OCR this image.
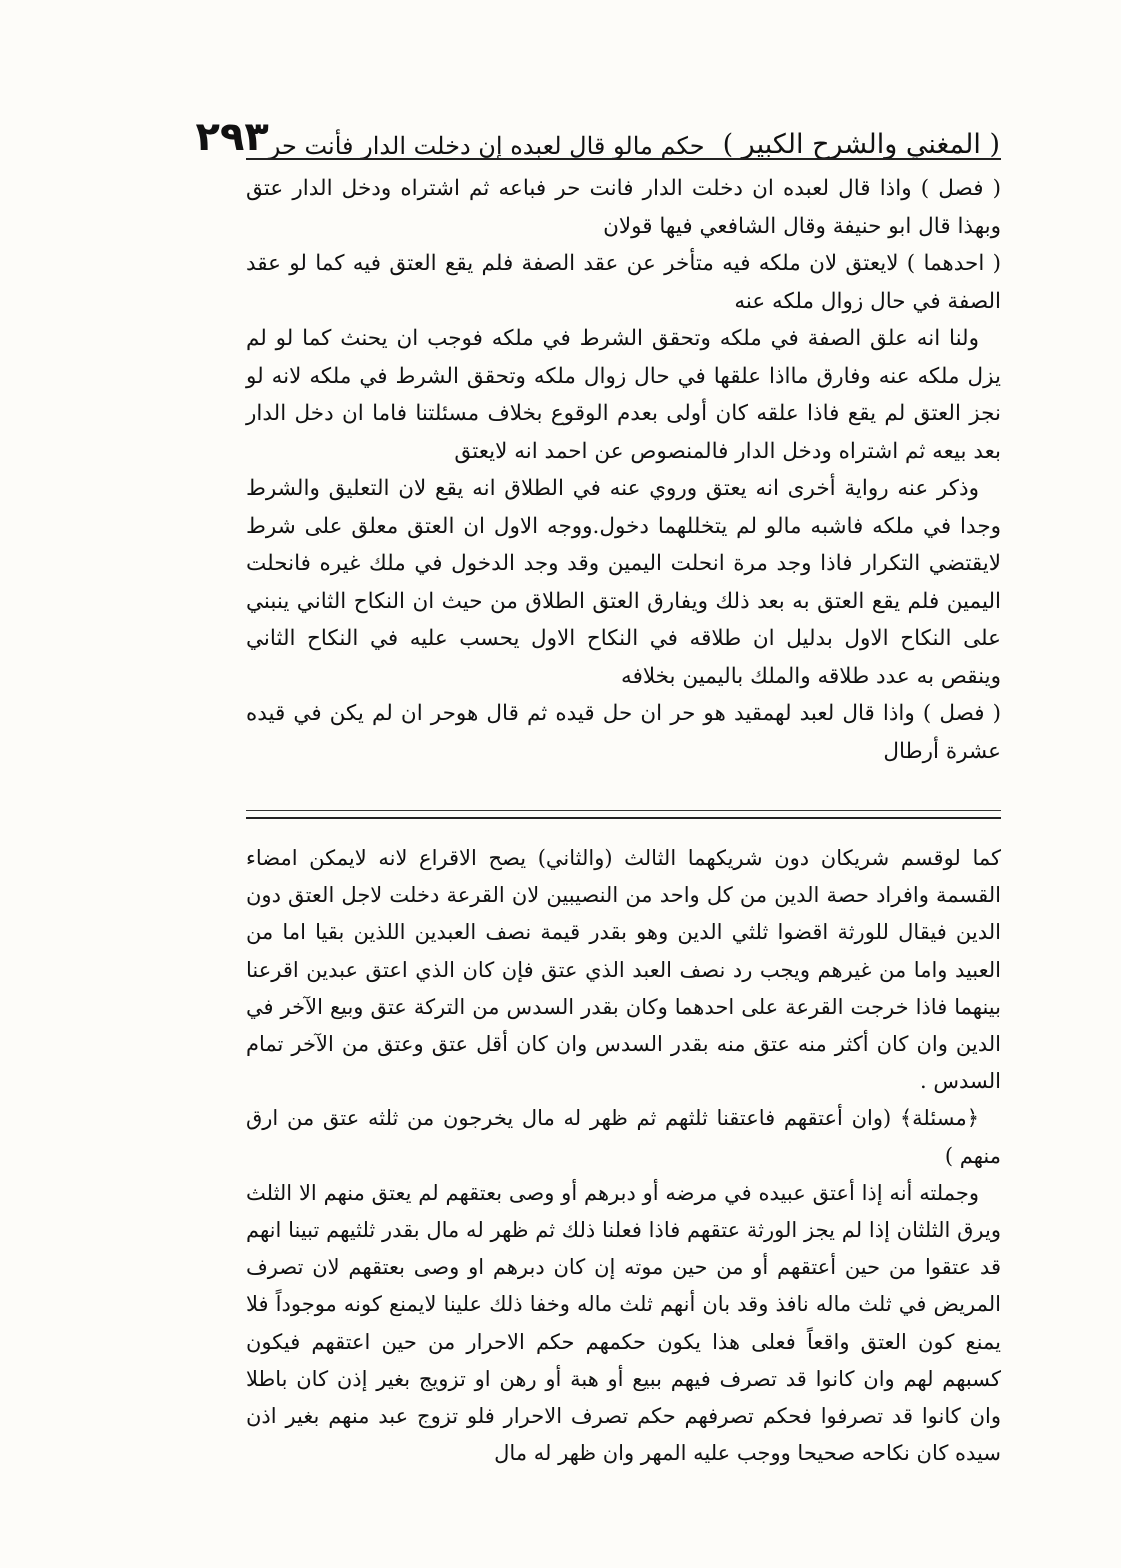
( المغني والشرح الكبير )
حكم مالو قال لعبده إن دخلت الدار فأنت حر
٢٩٣

( فصل ) واذا قال لعبده ان دخلت الدار فانت حر فباعه ثم اشتراه ودخل الدار عتق وبهذا قال ابو حنيفة وقال الشافعي فيها قولان

( احدهما ) لايعتق لان ملكه فيه متأخر عن عقد الصفة فلم يقع العتق فيه كما لو عقد الصفة في حال زوال ملكه عنه

ولنا انه علق الصفة في ملكه وتحقق الشرط في ملكه فوجب ان يحنث كما لو لم يزل ملكه عنه وفارق مااذا علقها في حال زوال ملكه وتحقق الشرط في ملكه لانه لو نجز العتق لم يقع فاذا علقه كان أولى بعدم الوقوع بخلاف مسئلتنا فاما ان دخل الدار بعد بيعه ثم اشتراه ودخل الدار فالمنصوص عن احمد انه لايعتق

وذكر عنه رواية أخرى انه يعتق وروي عنه في الطلاق انه يقع لان التعليق والشرط وجدا في ملكه فاشبه مالو لم يتخللهما دخول.ووجه الاول ان العتق معلق على شرط لايقتضي التكرار فاذا وجد مرة انحلت اليمين وقد وجد الدخول في ملك غيره فانحلت اليمين فلم يقع العتق به بعد ذلك ويفارق العتق الطلاق من حيث ان النكاح الثاني ينبني على النكاح الاول بدليل ان طلاقه في النكاح الاول يحسب عليه في النكاح الثاني وينقص به عدد طلاقه والملك باليمين بخلافه

( فصل ) واذا قال لعبد لهمقيد هو حر ان حل قيده ثم قال هوحر ان لم يكن في قيده عشرة أرطال

كما لوقسم شريكان دون شريكهما الثالث (والثاني) يصح الاقراع لانه لايمكن امضاء القسمة وافراد حصة الدين من كل واحد من النصيبين لان القرعة دخلت لاجل العتق دون الدين فيقال للورثة اقضوا ثلثي الدين وهو بقدر قيمة نصف العبدين اللذين بقيا اما من العبيد واما من غيرهم ويجب رد نصف العبد الذي عتق فإن كان الذي اعتق عبدين اقرعنا بينهما فاذا خرجت القرعة على احدهما وكان بقدر السدس من التركة عتق وبيع الآخر في الدين وان كان أكثر منه عتق منه بقدر السدس وان كان أقل عتق وعتق من الآخر تمام السدس .

﴿مسئلة﴾ (وان أعتقهم فاعتقنا ثلثهم ثم ظهر له مال يخرجون من ثلثه عتق من ارق منهم )

وجملته أنه إذا أعتق عبيده في مرضه أو دبرهم أو وصى بعتقهم لم يعتق منهم الا الثلث ويرق الثلثان إذا لم يجز الورثة عتقهم فاذا فعلنا ذلك ثم ظهر له مال بقدر ثلثيهم تبينا انهم قد عتقوا من حين أعتقهم أو من حين موته إن كان دبرهم او وصى بعتقهم لان تصرف المريض في ثلث ماله نافذ وقد بان أنهم ثلث ماله وخفا ذلك علينا لايمنع كونه موجوداً فلا يمنع كون العتق واقعاً فعلى هذا يكون حكمهم حكم الاحرار من حين اعتقهم فيكون كسبهم لهم وان كانوا قد تصرف فيهم ببيع أو هبة أو رهن او تزويج بغير إذن كان باطلا وان كانوا قد تصرفوا فحكم تصرفهم حكم تصرف الاحرار فلو تزوج عبد منهم بغير اذن سيده كان نكاحه صحيحا ووجب عليه المهر وان ظهر له مال
